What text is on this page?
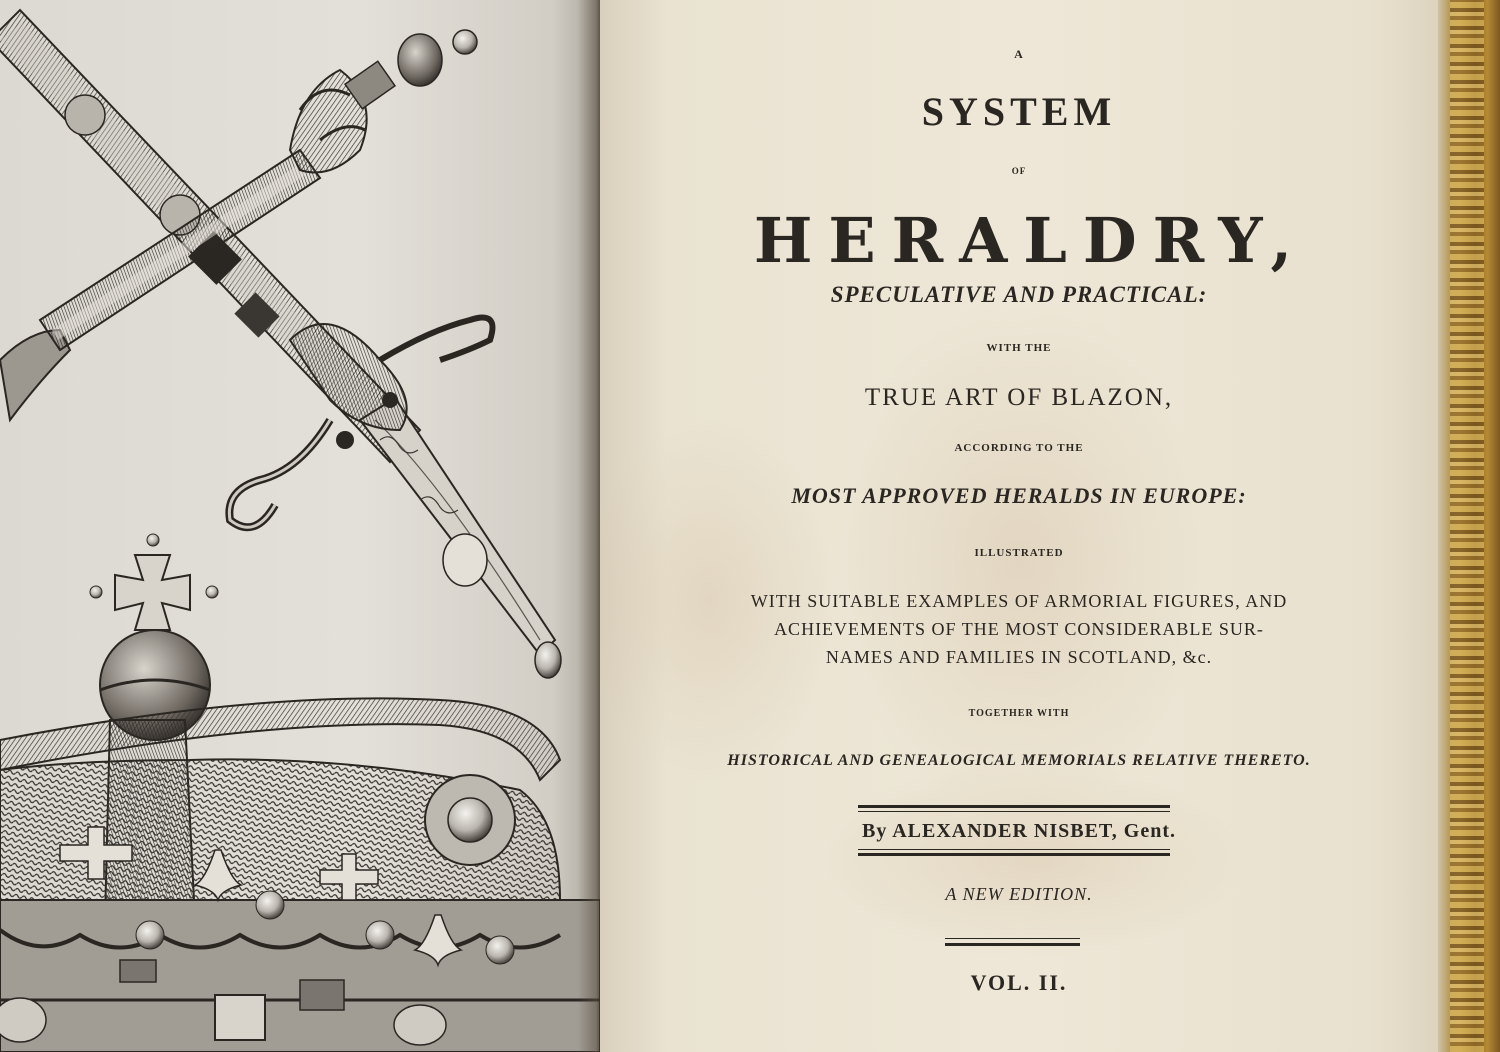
A
SYSTEM
OF
HERALDRY,
SPECULATIVE AND PRACTICAL:
WITH THE
TRUE ART OF BLAZON,
ACCORDING TO THE
MOST APPROVED HERALDS IN EUROPE:
ILLUSTRATED
WITH SUITABLE EXAMPLES OF ARMORIAL FIGURES, AND
ACHIEVEMENTS OF THE MOST CONSIDERABLE SUR-
NAMES AND FAMILIES IN SCOTLAND, &c.
TOGETHER WITH
HISTORICAL AND GENEALOGICAL MEMORIALS RELATIVE THERETO.
By ALEXANDER NISBET, Gent.
A NEW EDITION.
VOL. II.
